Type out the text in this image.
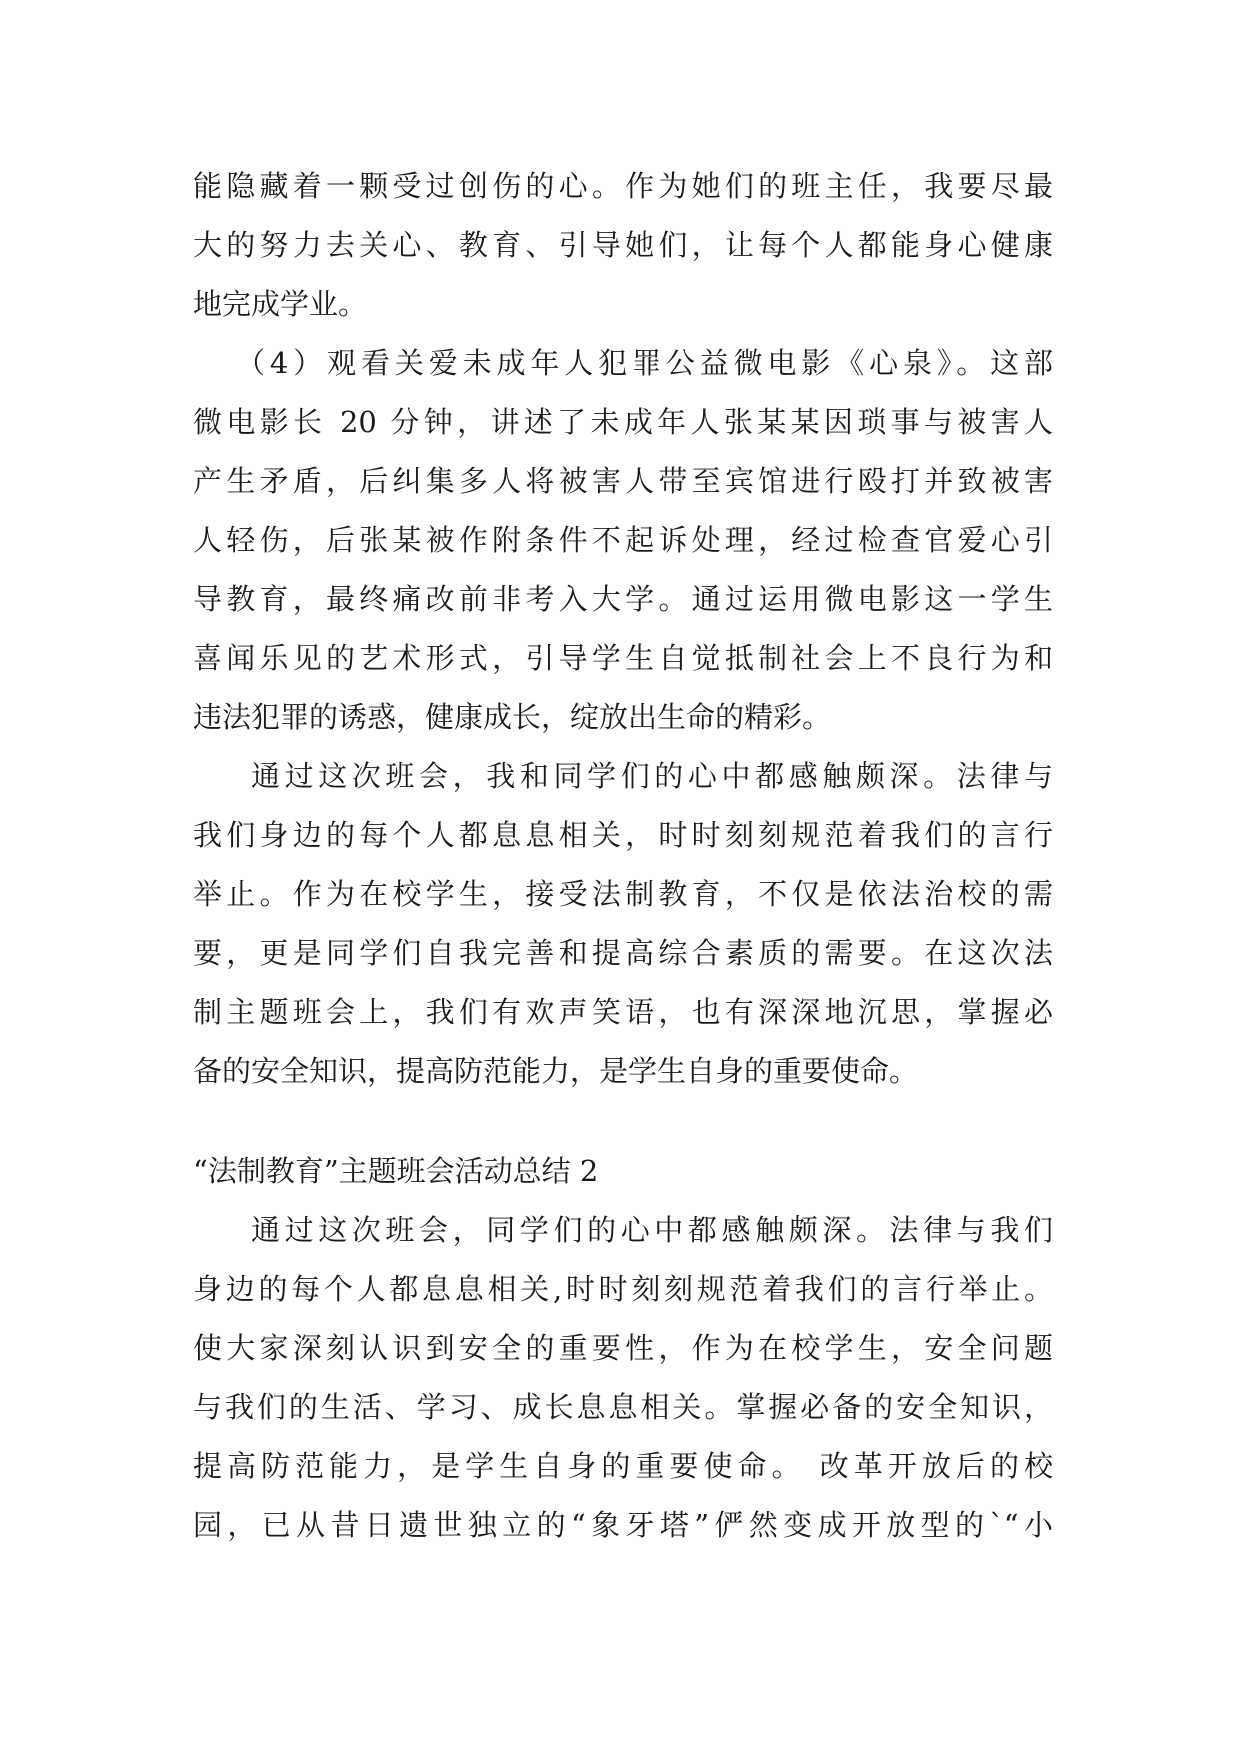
能隐藏着一颗受过创伤的心。作为她们的班主任，我要尽最
大的努力去关心、教育、引导她们，让每个人都能身心健康
地完成学业。
（4）观看关爱未成年人犯罪公益微电影《心泉》。这部
微电影长 20 分钟，讲述了未成年人张某某因琐事与被害人
产生矛盾，后纠集多人将被害人带至宾馆进行殴打并致被害
人轻伤，后张某被作附条件不起诉处理，经过检查官爱心引
导教育，最终痛改前非考入大学。通过运用微电影这一学生
喜闻乐见的艺术形式，引导学生自觉抵制社会上不良行为和
违法犯罪的诱惑，健康成长，绽放出生命的精彩。
通过这次班会，我和同学们的心中都感触颇深。法律与
我们身边的每个人都息息相关，时时刻刻规范着我们的言行
举止。作为在校学生，接受法制教育，不仅是依法治校的需
要，更是同学们自我完善和提高综合素质的需要。在这次法
制主题班会上，我们有欢声笑语，也有深深地沉思，掌握必
备的安全知识，提高防范能力，是学生自身的重要使命。
“法制教育”主题班会活动总结 2
通过这次班会，同学们的心中都感触颇深。法律与我们
身边的每个人都息息相关,时时刻刻规范着我们的言行举止。
使大家深刻认识到安全的重要性，作为在校学生，安全问题
与我们的生活、学习、成长息息相关。掌握必备的安全知识，
提高防范能力，是学生自身的重要使命。 改革开放后的校
园，已从昔日遗世独立的“象牙塔”俨然变成开放型的`“小
